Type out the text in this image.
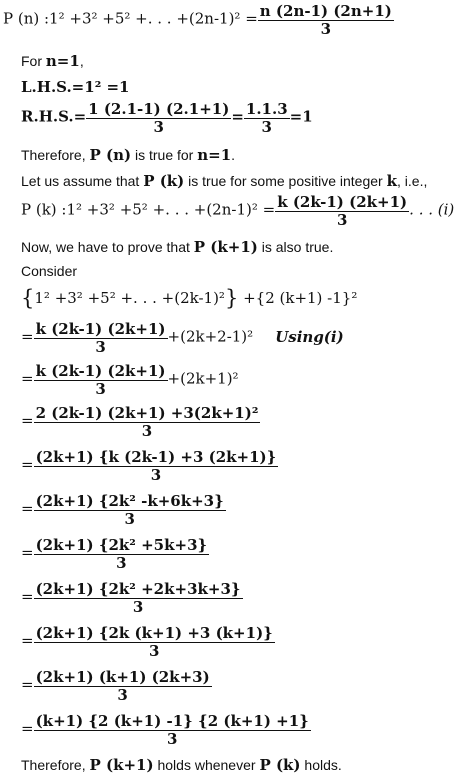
P (n) :1² +3² +5² +. . . $+(2n-1)^2 = \frac{n (2n-1) (2n+1)}{3}$
For n=1,
L.H.S.=1² =1
$R.H.S.= \frac{1 (2.1-1) (2.1+1)}{3} = \frac{1.1.3}{3} =1$
Therefore, P (n) is true for n=1.
Let us assume that P (k) is true for some positive integer k, i.e.,
P (k) :1² +3² +5² +. . . $+(2n-1)^2 = \frac{k (2k-1) (2k+1)}{3}$ . . . (i)
Now, we have to prove that P (k+1) is also true.
Consider
{1² +3² +5² +. . . +(2k-1)²} +{2 (k+1) -1}²
= $\frac{k (2k-1) (2k+1)}{3} +(2k+2-1)^2$ Using(i)
= $\frac{k (2k-1) (2k+1)}{3} +(2k+1)^2$
= $\frac{\text{2 (2k-1) (2k+1) +3(2k+1)²}}{3}$
= $\frac{(2k+1) \{k (2k-1) +3 (2k+1)\}}{3}$
= $\frac{\text{(2k+1) \{2k² -k+6k+3\}}}{3}$
= $\frac{\text{(2k+1) \{2k² +5k+3\}}}{3}$
= $\frac{\text{(2k+1) \{2k² +2k+3k+3\}}}{3}$
= $\frac{(2k+1) \{2k (k+1) +3 (k+1)\}}{3}$
= $\frac{(2k+1) (k+1) (2k+3)}{3}$
= $\frac{(k+1) \{2 (k+1) -1\} \{2 (k+1) +1\}}{3}$
Therefore, P (k+1) holds whenever P (k) holds.
